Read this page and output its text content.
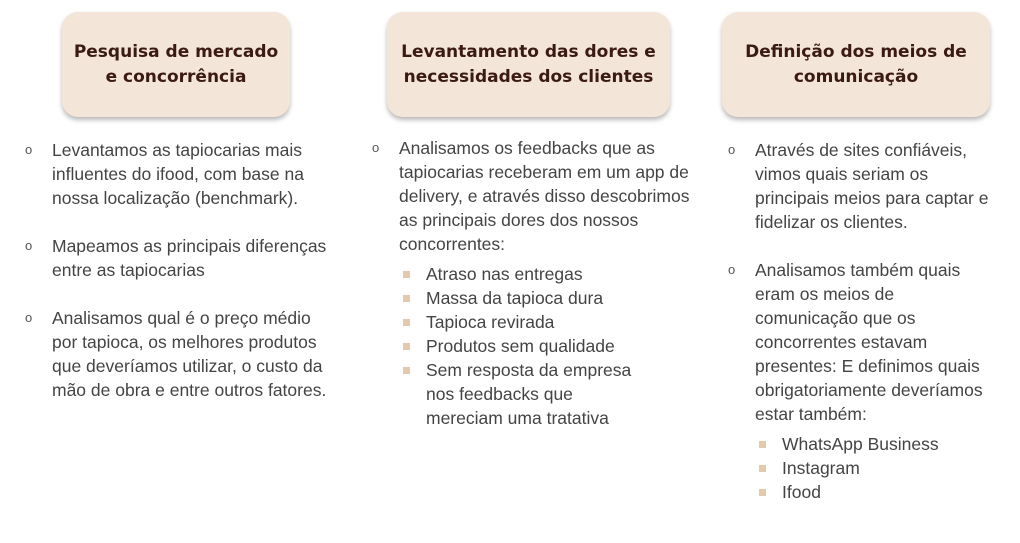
Pesquisa de mercado e concorrência
o Levantamos as tapiocarias mais influentes do ifood, com base na nossa localização (benchmark).
o Mapeamos as principais diferenças entre as tapiocarias
o Analisamos qual é o preço médio por tapioca, os melhores produtos que deveríamos utilizar, o custo da mão de obra e entre outros fatores.
Levantamento das dores e necessidades dos clientes
o Analisamos os feedbacks que as tapiocarias receberam em um app de delivery, e através disso descobrimos as principais dores dos nossos concorrentes:
Atraso nas entregas
Massa da tapioca dura
Tapioca revirada
Produtos sem qualidade
Sem resposta da empresa nos feedbacks que mereciam uma tratativa
Definição dos meios de comunicação
o Através de sites confiáveis, vimos quais seriam os principais meios para captar e fidelizar os clientes.
o Analisamos também quais eram os meios de comunicação que os concorrentes estavam presentes: E definimos quais obrigatoriamente deveríamos estar também:
WhatsApp Business
Instagram
Ifood
